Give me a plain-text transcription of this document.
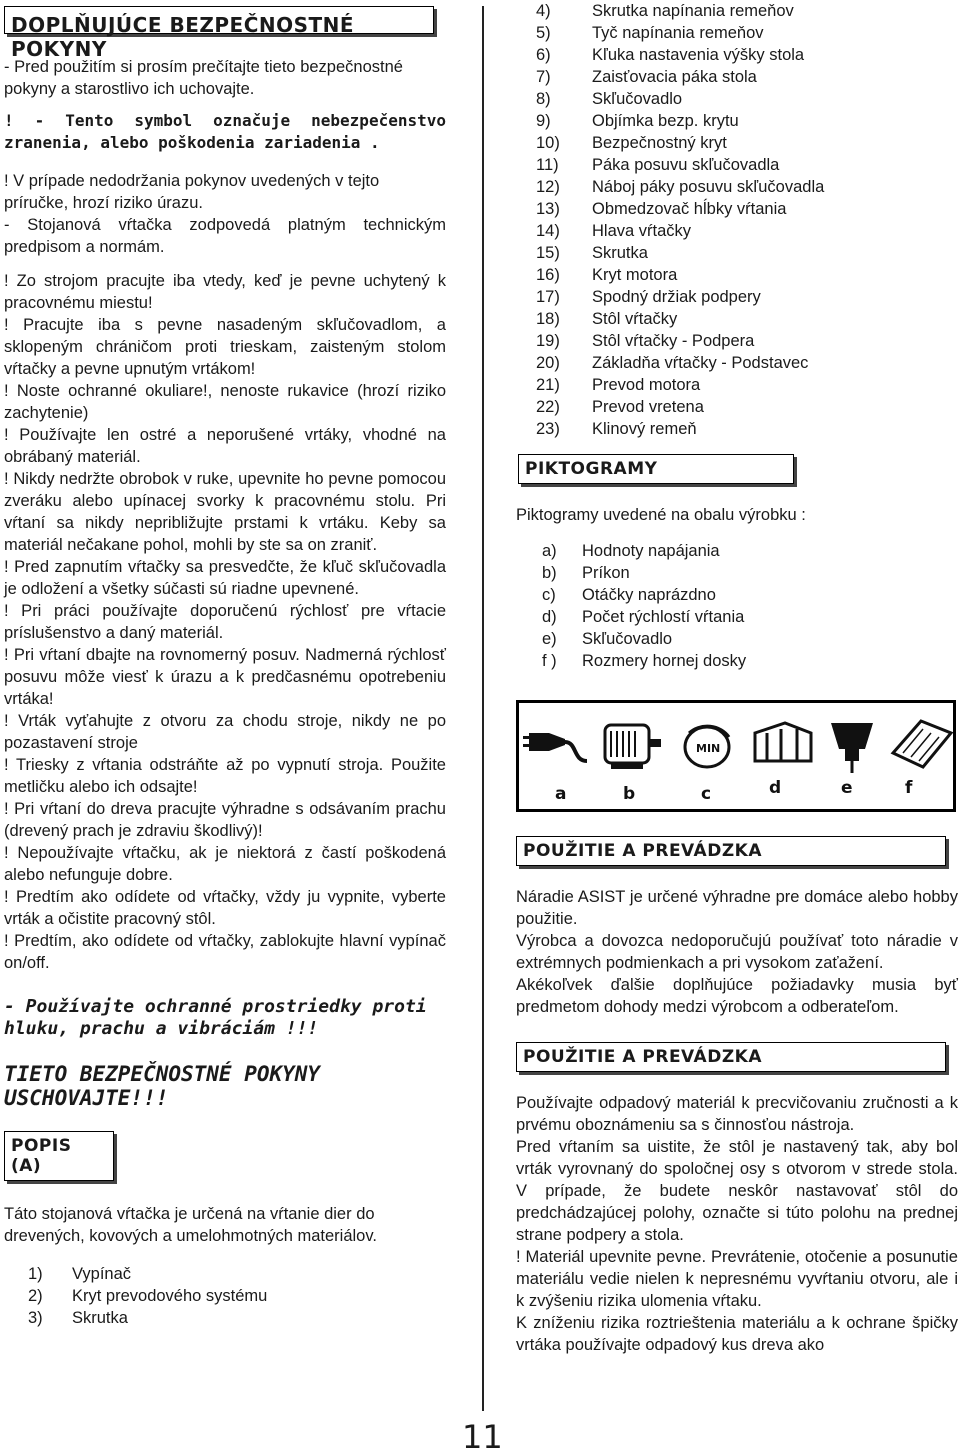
DOPLŇUJÚCE BEZPEČNOSTNÉ POKYNY

- Pred použitím si prosím prečítajte tieto bezpečnostné pokyny a starostlivo ich uchovajte.

! - Tento symbol označuje nebezpečenstvo zranenia, alebo poškodenia zariadenia .

! V prípade nedodržania pokynov uvedených v tejto príručke, hrozí riziko úrazu.

- Stojanová vŕtačka zodpovedá platným technickým predpisom a normám.

! Zo strojom pracujte iba vtedy, keď je pevne uchytený k pracovnému miestu!

! Pracujte iba s pevne nasadeným skľučovadlom, a sklopeným chráničom proti trieskam, zaisteným stolom vŕtačky a pevne upnutým vrtákom!

! Noste ochranné okuliare!, nenoste rukavice (hrozí riziko zachytenie)

! Používajte len ostré a neporušené vrtáky, vhodné na obrábaný materiál.

! Nikdy nedržte obrobok v ruke, upevnite ho pevne pomocou zveráku alebo upínacej svorky k pracovnému stolu. Pri vŕtaní sa nikdy nepribližujte prstami k vrtáku. Keby sa materiál nečakane pohol, mohli by ste sa on zraniť.

! Pred zapnutím vŕtačky sa presvedčte, že kľuč skľučovadla je odložení a všetky súčasti sú riadne upevnené.

! Pri práci používajte doporučenú rýchlosť pre vŕtacie príslušenstvo a daný materiál.

! Pri vŕtaní dbajte na rovnomerný posuv. Nadmerná rýchlosť posuvu môže viesť k úrazu a k predčasnému opotrebeniu vrtáka!

! Vrták vyťahujte z otvoru za chodu stroje, nikdy ne po pozastavení stroje

! Triesky z vŕtania odstráňte až po vypnutí stroja. Použite metličku alebo ich odsajte!

! Pri vŕtaní do dreva pracujte výhradne s odsávaním prachu (drevený prach je zdraviu škodlivý)!

! Nepoužívajte vŕtačku, ak je niektorá z častí poškodená alebo nefunguje dobre.

! Predtím ako odídete od vŕtačky, vždy ju vypnite, vyberte vrták a očistite pracovný stôl.

! Predtím, ako odídete od vŕtačky, zablokujte hlavní vypínač on/off.

- Používajte ochranné prostriedky proti hluku, prachu a vibráciám !!!

TIETO BEZPEČNOSTNÉ POKYNY USCHOVAJTE!!!

POPIS (A)

Táto stojanová vŕtačka je určená na vŕtanie dier do drevených, kovových a umelohmotných materiálov.

1)	Vypínač
2)	Kryt prevodového systému
3)	Skrutka
4)	Skrutka napínania remeňov
5)	Tyč napínania remeňov
6)	Kľuka nastavenia výšky stola
7)	Zaisťovacia páka stola
8)	Skľučovadlo
9)	Objímka bezp. krytu
10)	Bezpečnostný kryt
11)	Páka posuvu skľučovadla
12)	Náboj páky posuvu skľučovadla
13)	Obmedzovač hĺbky vŕtania
14)	Hlava vŕtačky
15)	Skrutka
16)	Kryt motora
17)	Spodný držiak podpery
18)	Stôl vŕtačky
19)	Stôl vŕtačky - Podpera
20)	Základňa vŕtačky - Podstavec
21)	Prevod motora
22)	Prevod vretena
23)	Klinový remeň
PIKTOGRAMY

Piktogramy uvedené na obalu výrobku :

a)	Hodnoty napájania
b)	Príkon
c)	Otáčky naprázdno
d)	Počet rýchlostí vŕtania
e)	Skľučovadlo
f )	Rozmery hornej dosky
MIN
a	b	c	d	e	f
POUŽITIE A PREVÁDZKA

Náradie ASIST je určené výhradne pre domáce alebo hobby použitie.

Výrobca a dovozca nedoporučujú používať toto náradie v extrémnych podmienkach a pri vysokom zaťažení.

Akékoľvek ďalšie doplňujúce požiadavky musia byť predmetom dohody medzi výrobcom a odberateľom.

POUŽITIE A PREVÁDZKA

Používajte odpadový materiál k precvičovaniu zručnosti a k prvému oboznámeniu sa s činnosťou nástroja.

Pred vŕtaním sa uistite, že stôl je nastavený tak, aby bol vrták vyrovnaný do spoločnej osy s otvorom v strede stola. V prípade, že budete neskôr nastavovať stôl do predchádzajúcej polohy, označte si túto polohu na prednej strane podpery a stola.

! Materiál upevnite pevne. Prevrátenie, otočenie a posunutie materiálu vedie nielen k nepresnému vyvŕtaniu otvoru, ale i k zvýšeniu rizika ulomenia vŕtaku.

K zníženiu rizika roztrieštenia materiálu a k ochrane špičky vrtáka používajte odpadový kus dreva ako

11
